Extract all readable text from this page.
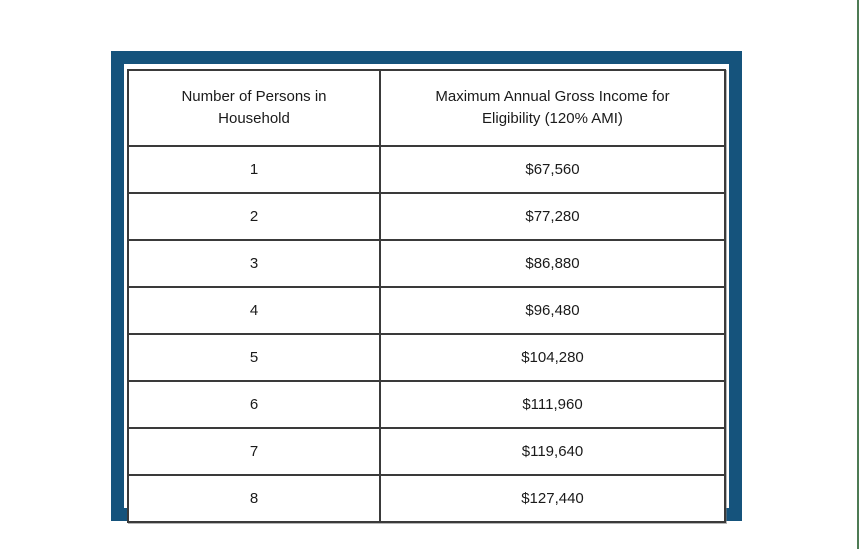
Number of Persons in Household	Maximum Annual Gross Income for Eligibility (120% AMI)
1	$67,560
2	$77,280
3	$86,880
4	$96,480
5	$104,280
6	$111,960
7	$119,640
8	$127,440
